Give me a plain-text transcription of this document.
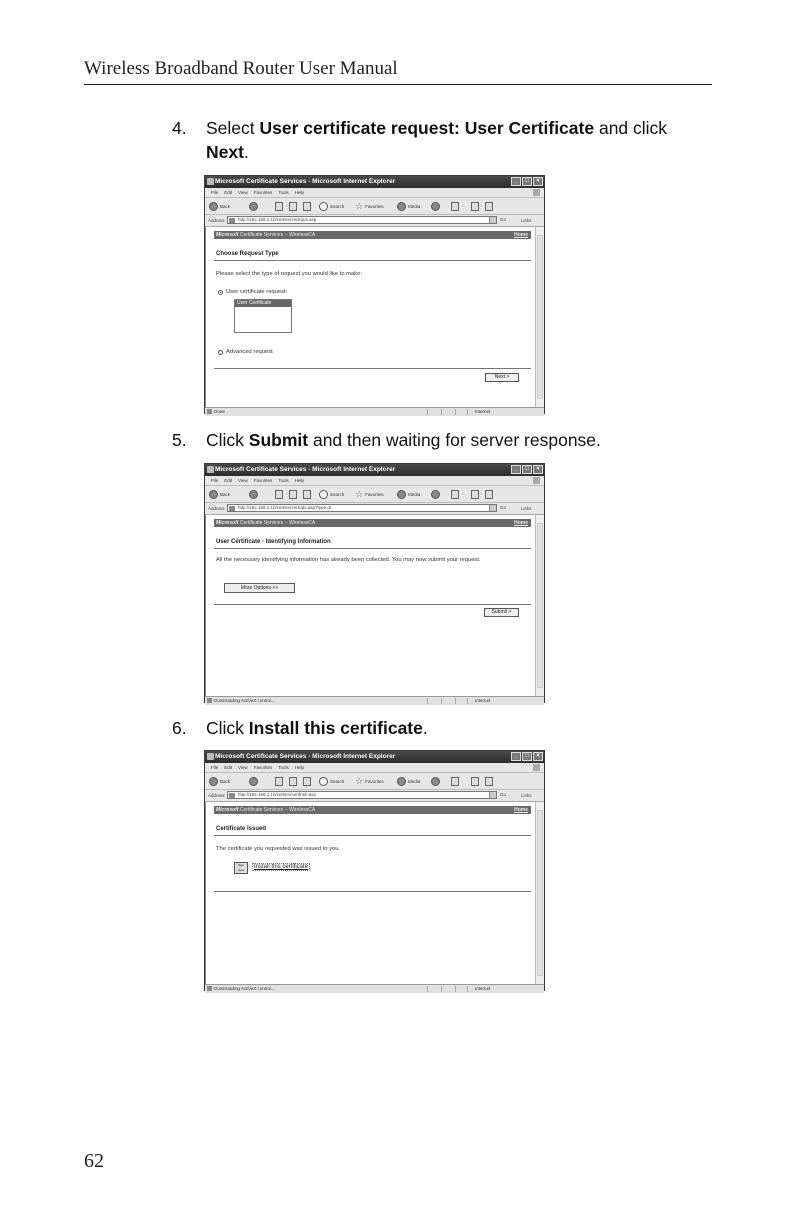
Wireless Broadband Router User Manual
4.	Select User certificate request: User Certificate and click
Next.
Microsoft Certificate Services - Microsoft Internet Explorer	_	□	×
File Edit View Favorites Tools Help
Back	Search ☆ Favorites	Media
Address	http://192.168.1.10/certsrv/certrqus.asp	Go	Links
Microsoft Certificate Services -- WirelessCA	Home
Choose Request Type
Please select the type of request you would like to make:
User certificate request:
User Certificate
Advanced request
Next >
Done	Internet
5.	Click Submit and then waiting for server response.
Microsoft Certificate Services - Microsoft Internet Explorer	_	□	×
File Edit View Favorites Tools Help
Back	Search ☆ Favorites	Media
Address	http://192.168.1.10/certsrv/certrqbi.asp?type=0	Go	Links
Microsoft Certificate Services -- WirelessCA	Home
User Certificate - Identifying Information
All the necessary identifying information has already been collected. You may now submit your request.
More Options >>
Submit >
Downloading ActiveX control...	Internet
6.	Click Install this certificate.
Microsoft Certificate Services - Microsoft Internet Explorer	_	□	×
File Edit View Favorites Tools Help
Back	Search ☆ Favorites	Media
Address	http://192.168.1.10/certsrv/certfnsh.asp	Go	Links
Microsoft Certificate Services -- WirelessCA	Home
Certificate Issued
The certificate you requested was issued to you.
Sign Here	Install this certificate
Downloading ActiveX control...	Internet
62
